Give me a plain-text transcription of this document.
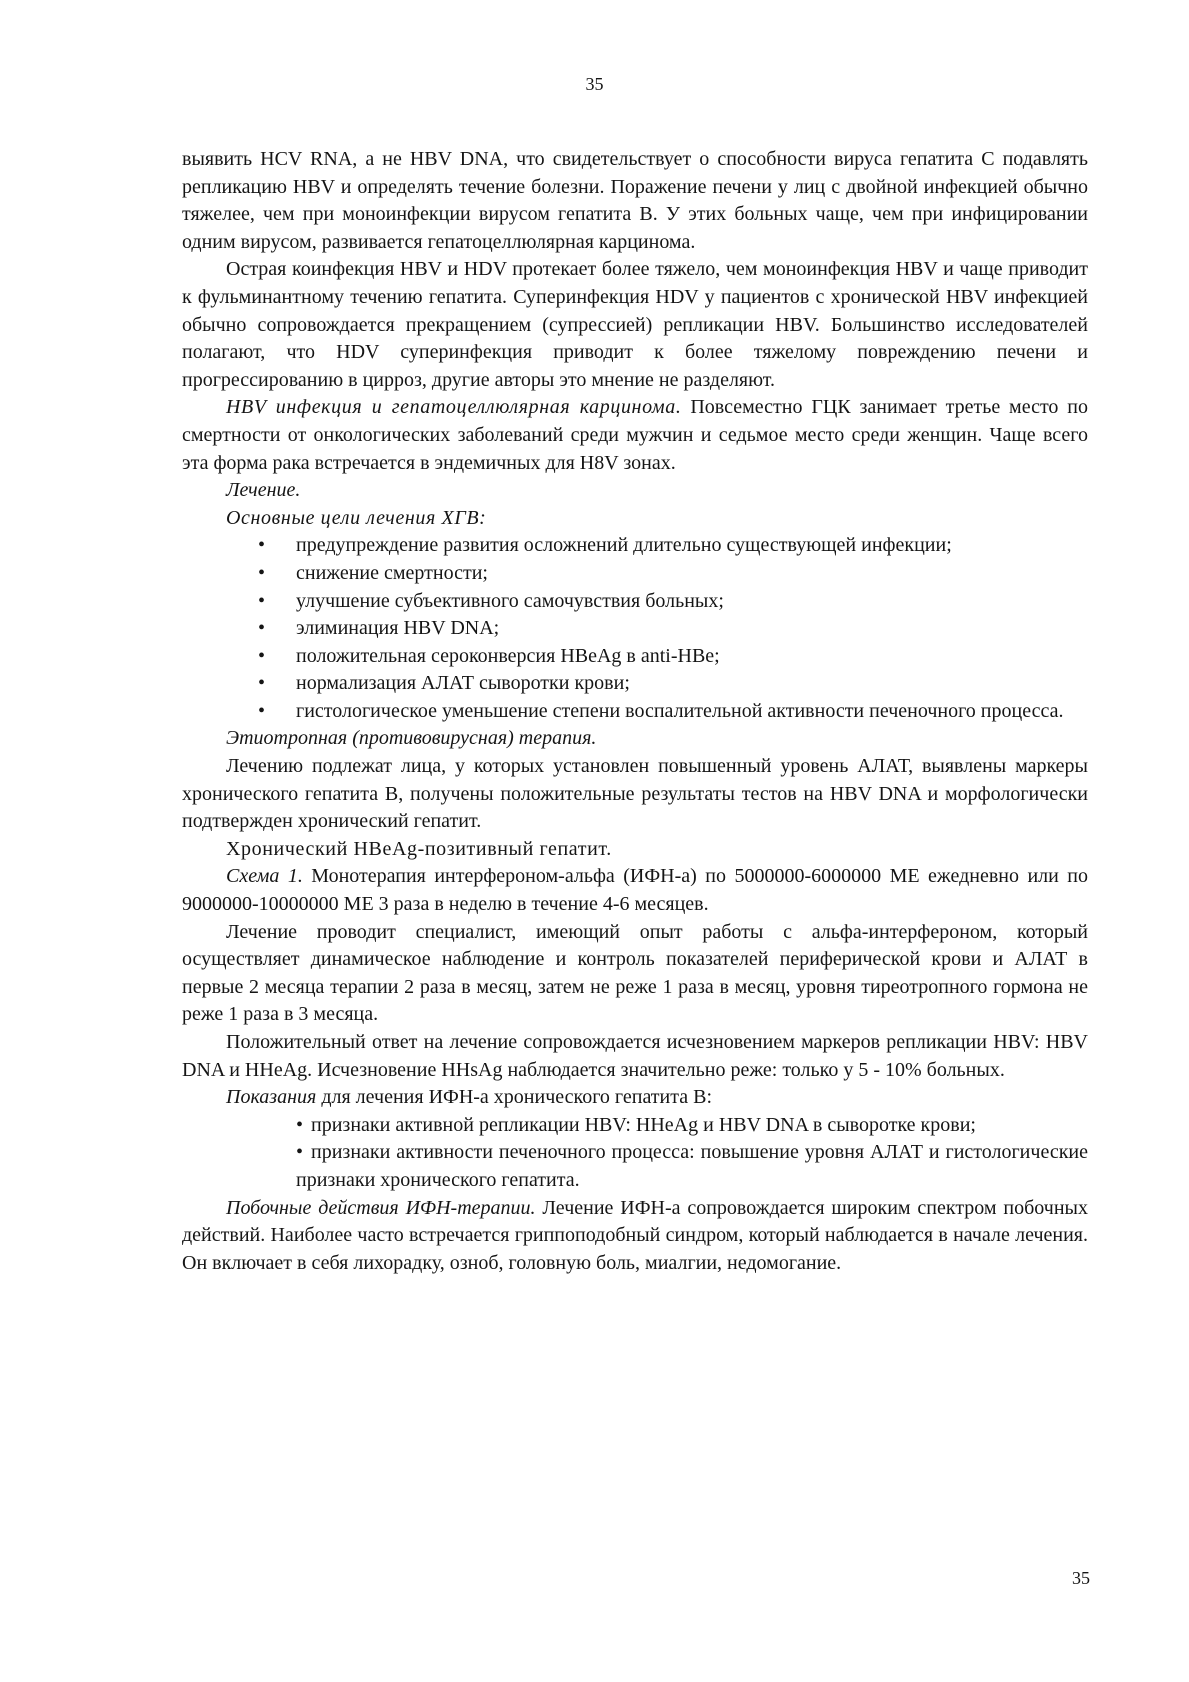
35

выявить HCV RNA, а не HBV DNA, что свидетельствует о способности вируса гепатита С подавлять репликацию HBV и определять течение болезни. Поражение печени у лиц с двойной инфекцией обычно тяжелее, чем при моноинфекции вирусом гепатита В. У этих больных чаще, чем при инфицировании одним вирусом, развивается гепатоцеллюлярная карцинома.

Острая коинфекция HBV и HDV протекает более тяжело, чем моноинфекция HBV и чаще приводит к фульминантному течению гепатита. Суперинфекция HDV у пациентов с хронической HBV инфекцией обычно сопровождается прекращением (супрессией) репликации HBV. Большинство исследователей полагают, что HDV суперинфекция приводит к более тяжелому повреждению печени и прогрессированию в цирроз, другие авторы это мнение не разделяют.

HBV инфекция и гепатоцеллюлярная карцинома. Повсеместно ГЦК занимает третье место по смертности от онкологических заболеваний среди мужчин и седьмое место среди женщин. Чаще всего эта форма рака встречается в эндемичных для H8V зонах.

Лечение.

Основные цели лечения ХГВ:

• предупреждение развития осложнений длительно существующей инфекции;
• снижение смертности;
• улучшение субъективного самочувствия больных;
• элиминация HBV DNA;
• положительная сероконверсия HBeAg в anti-HBe;
• нормализация АЛАТ сыворотки крови;
• гистологическое уменьшение степени воспалительной активности печеночного процесса.

Этиотропная (противовирусная) терапия.

Лечению подлежат лица, у которых установлен повышенный уровень АЛАТ, выявлены маркеры хронического гепатита В, получены положительные результаты тестов на HBV DNA и морфологически подтвержден хронический гепатит.

Хронический HBeAg-позитивный гепатит.

Схема 1. Монотерапия интерфероном-альфа (ИФН-а) по 5000000-6000000 ME ежедневно или по 9000000-10000000 ME 3 раза в неделю в течение 4-6 месяцев.

Лечение проводит специалист, имеющий опыт работы с альфа-интерфероном, который осуществляет динамическое наблюдение и контроль показателей периферической крови и АЛАТ в первые 2 месяца терапии 2 раза в месяц, затем не реже 1 раза в месяц, уровня тиреотропного гормона не реже 1 раза в 3 месяца.

Положительный ответ на лечение сопровождается исчезновением маркеров репликации HBV: HBV DNA и HHeAg. Исчезновение HHsAg наблюдается значительно реже: только у 5 - 10% больных.

Показания для лечения ИФН-а хронического гепатита В:

• признаки активной репликации HBV: HHeAg и HBV DNA в сыворотке крови;
• признаки активности печеночного процесса: повышение уровня АЛАТ и гистологические признаки хронического гепатита.

Побочные действия ИФН-терапии. Лечение ИФН-а сопровождается широким спектром побочных действий. Наиболее часто встречается гриппоподобный синдром, который наблюдается в начале лечения. Он включает в себя лихорадку, озноб, головную боль, миалгии, недомогание.

35
